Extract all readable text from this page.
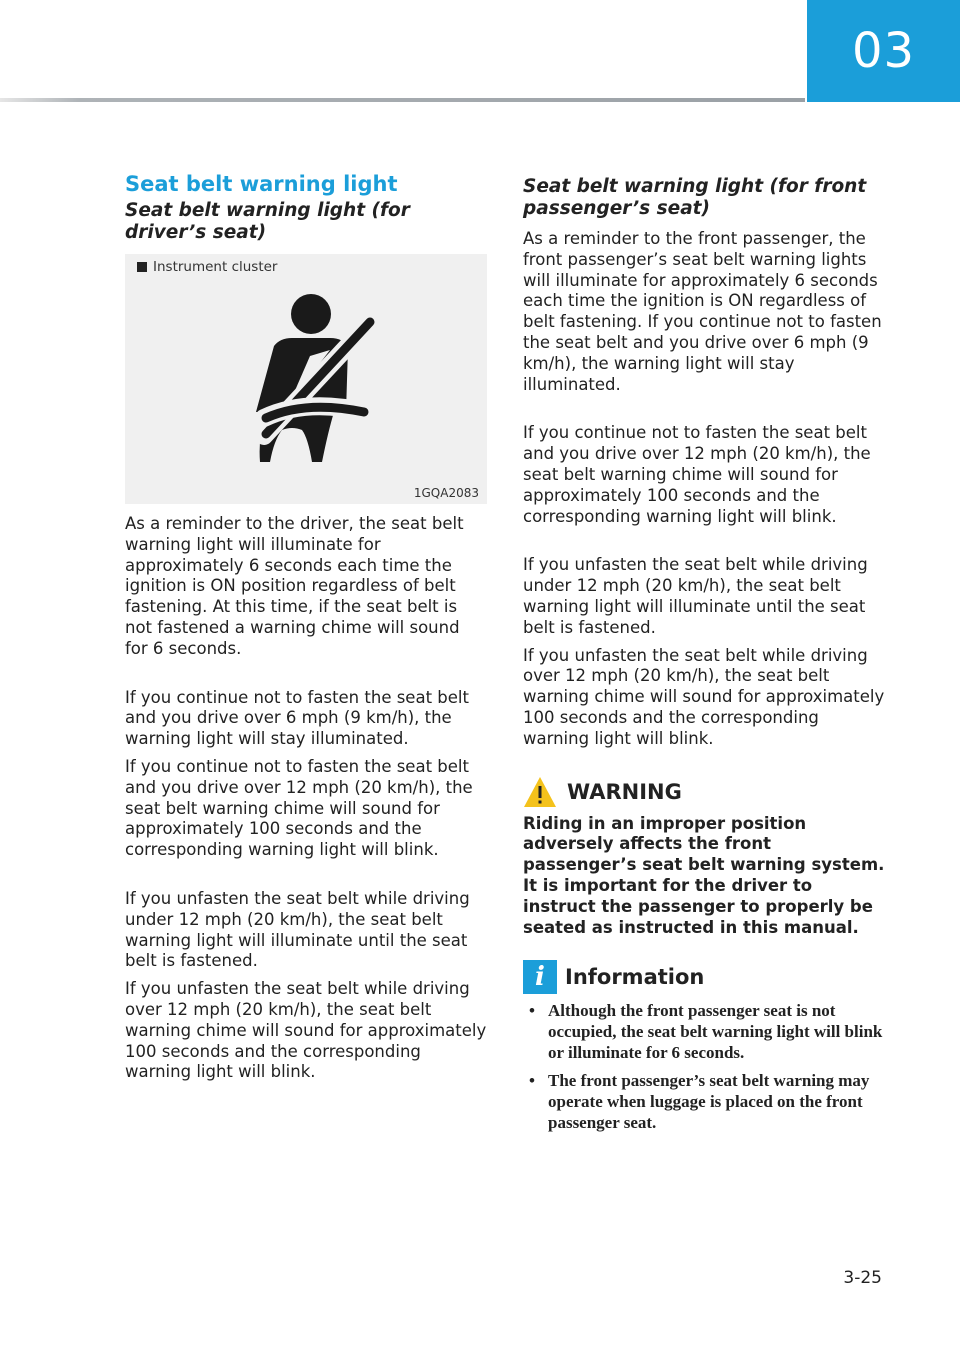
03
Seat belt warning light
Seat belt warning light (for driver’s seat)
Instrument cluster
1GQA2083

As a reminder to the driver, the seat belt warning light will illuminate for approximately 6 seconds each time the ignition is ON position regardless of belt fastening. At this time, if the seat belt is not fastened a warning chime will sound for 6 seconds.

If you continue not to fasten the seat belt and you drive over 6 mph (9 km/h), the warning light will stay illuminated.

If you continue not to fasten the seat belt and you drive over 12 mph (20 km/h), the seat belt warning chime will sound for approximately 100 seconds and the corresponding warning light will blink.

If you unfasten the seat belt while driving under 12 mph (20 km/h), the seat belt warning light will illuminate until the seat belt is fastened.

If you unfasten the seat belt while driving over 12 mph (20 km/h), the seat belt warning chime will sound for approximately 100 seconds and the corresponding warning light will blink.

Seat belt warning light (for front passenger’s seat)

As a reminder to the front passenger, the front passenger’s seat belt warning lights will illuminate for approximately 6 seconds each time the ignition is ON regardless of belt fastening. If you continue not to fasten the seat belt and you drive over 6 mph (9 km/h), the warning light will stay illuminated.

If you continue not to fasten the seat belt and you drive over 12 mph (20 km/h), the seat belt warning chime will sound for approximately 100 seconds and the corresponding warning light will blink.

If you unfasten the seat belt while driving under 12 mph (20 km/h), the seat belt warning light will illuminate until the seat belt is fastened.

If you unfasten the seat belt while driving over 12 mph (20 km/h), the seat belt warning chime will sound for approximately 100 seconds and the corresponding warning light will blink.

WARNING

Riding in an improper position adversely affects the front passenger’s seat belt warning system. It is important for the driver to instruct the passenger to properly be seated as instructed in this manual.

i Information
• Although the front passenger seat is not occupied, the seat belt warning light will blink or illuminate for 6 seconds.
• The front passenger’s seat belt warning may operate when luggage is placed on the front passenger seat.
3-25
